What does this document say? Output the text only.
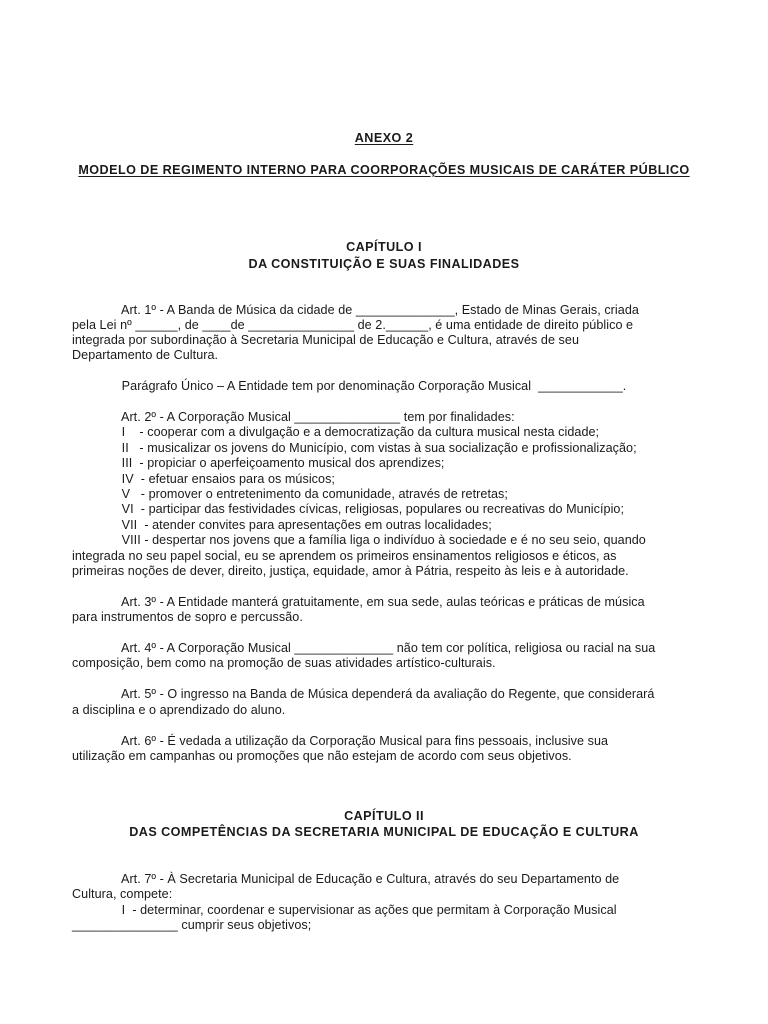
ANEXO 2
MODELO DE REGIMENTO INTERNO PARA COORPORAÇÕES MUSICAIS DE CARÁTER PÚBLICO
CAPÍTULO I
DA CONSTITUIÇÃO E SUAS FINALIDADES
Art. 1º - A Banda de Música da cidade de ______________, Estado de Minas Gerais, criada
pela Lei nº ______, de ____de _______________ de 2.______, é uma entidade de direito público e
integrada por subordinação à Secretaria Municipal de Educação e Cultura, através de seu
Departamento de Cultura.
Parágrafo Único – A Entidade tem por denominação Corporação Musical  ____________.
Art. 2º - A Corporação Musical _______________ tem por finalidades:
I    - cooperar com a divulgação e a democratização da cultura musical nesta cidade;
II   - musicalizar os jovens do Município, com vistas à sua socialização e profissionalização;
III  - propiciar o aperfeiçoamento musical dos aprendizes;
IV  - efetuar ensaios para os músicos;
V   - promover o entretenimento da comunidade, através de retretas;
VI  - participar das festividades cívicas, religiosas, populares ou recreativas do Município;
VII  - atender convites para apresentações em outras localidades;
VIII - despertar nos jovens que a família liga o indivíduo à sociedade e é no seu seio, quando
integrada no seu papel social, eu se aprendem os primeiros ensinamentos religiosos e éticos, as
primeiras noções de dever, direito, justiça, equidade, amor à Pátria, respeito às leis e à autoridade.
Art. 3º - A Entidade manterá gratuitamente, em sua sede, aulas teóricas e práticas de música
para instrumentos de sopro e percussão.
Art. 4º - A Corporação Musical ______________ não tem cor política, religiosa ou racial na sua
composição, bem como na promoção de suas atividades artístico-culturais.
Art. 5º - O ingresso na Banda de Música dependerá da avaliação do Regente, que considerará
a disciplina e o aprendizado do aluno.
Art. 6º - É vedada a utilização da Corporação Musical para fins pessoais, inclusive sua
utilização em campanhas ou promoções que não estejam de acordo com seus objetivos.
CAPÍTULO II
DAS COMPETÊNCIAS DA SECRETARIA MUNICIPAL DE EDUCAÇÃO E CULTURA
Art. 7º - À Secretaria Municipal de Educação e Cultura, através do seu Departamento de
Cultura, compete:
I  - determinar, coordenar e supervisionar as ações que permitam à Corporação Musical
_______________ cumprir seus objetivos;
